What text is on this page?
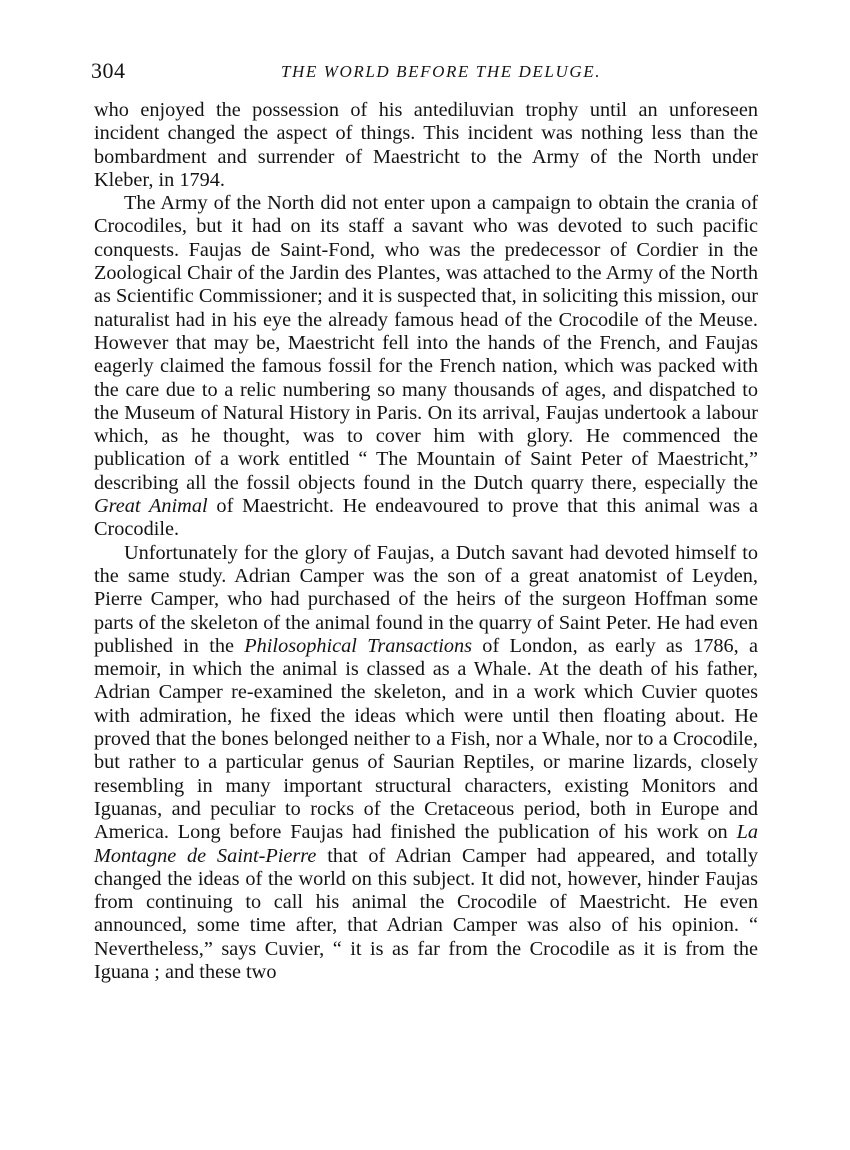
304	THE WORLD BEFORE THE DELUGE.

who enjoyed the possession of his antediluvian trophy until an unforeseen incident changed the aspect of things. This incident was nothing less than the bombardment and surrender of Maestricht to the Army of the North under Kleber, in 1794.

The Army of the North did not enter upon a campaign to obtain the crania of Crocodiles, but it had on its staff a savant who was devoted to such pacific conquests. Faujas de Saint-Fond, who was the predecessor of Cordier in the Zoological Chair of the Jardin des Plantes, was attached to the Army of the North as Scientific Commissioner; and it is suspected that, in soliciting this mission, our naturalist had in his eye the already famous head of the Crocodile of the Meuse. However that may be, Maestricht fell into the hands of the French, and Faujas eagerly claimed the famous fossil for the French nation, which was packed with the care due to a relic numbering so many thousands of ages, and dispatched to the Museum of Natural History in Paris. On its arrival, Faujas undertook a labour which, as he thought, was to cover him with glory. He commenced the publication of a work entitled “ The Mountain of Saint Peter of Maestricht,” describing all the fossil objects found in the Dutch quarry there, especially the Great Animal of Maestricht. He endeavoured to prove that this animal was a Crocodile.

Unfortunately for the glory of Faujas, a Dutch savant had devoted himself to the same study. Adrian Camper was the son of a great anatomist of Leyden, Pierre Camper, who had purchased of the heirs of the surgeon Hoffman some parts of the skeleton of the animal found in the quarry of Saint Peter. He had even published in the Philosophical Transactions of London, as early as 1786, a memoir, in which the animal is classed as a Whale. At the death of his father, Adrian Camper re-examined the skeleton, and in a work which Cuvier quotes with admiration, he fixed the ideas which were until then floating about. He proved that the bones belonged neither to a Fish, nor a Whale, nor to a Crocodile, but rather to a particular genus of Saurian Reptiles, or marine lizards, closely resembling in many important structural characters, existing Monitors and Iguanas, and peculiar to rocks of the Cretaceous period, both in Europe and America. Long before Faujas had finished the publication of his work on La Montagne de Saint-Pierre that of Adrian Camper had appeared, and totally changed the ideas of the world on this subject. It did not, however, hinder Faujas from continuing to call his animal the Crocodile of Maestricht. He even announced, some time after, that Adrian Camper was also of his opinion. “ Nevertheless,” says Cuvier, “ it is as far from the Crocodile as it is from the Iguana ; and these two
